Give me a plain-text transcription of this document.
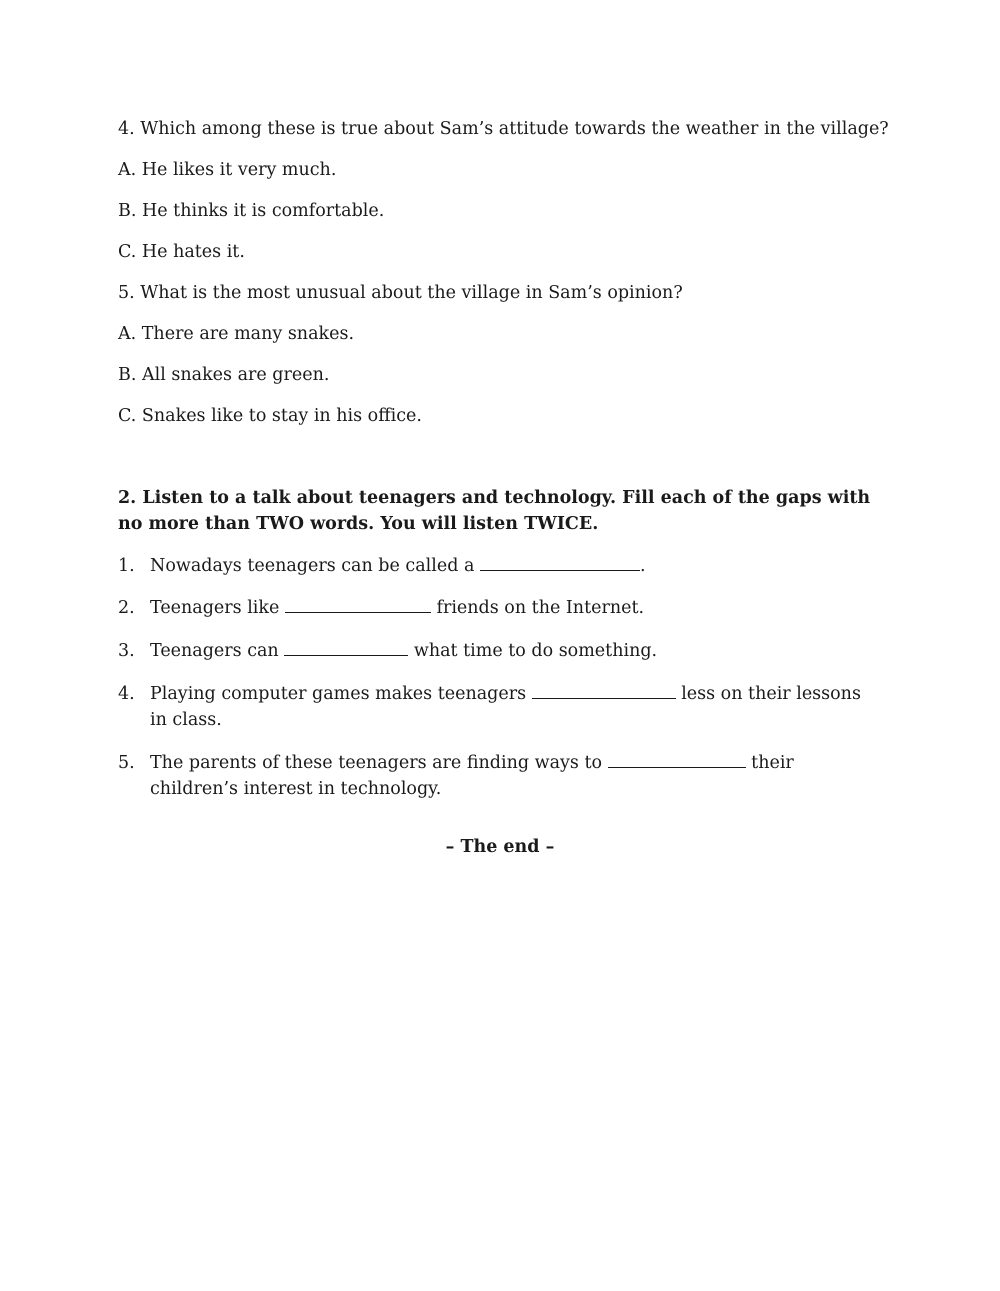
4. Which among these is true about Sam’s attitude towards the weather in the village?
A. He likes it very much.
B. He thinks it is comfortable.
C. He hates it.
5. What is the most unusual about the village in Sam’s opinion?
A. There are many snakes.
B. All snakes are green.
C. Snakes like to stay in his office.
2. Listen to a talk about teenagers and technology. Fill each of the gaps with no more than TWO words. You will listen TWICE.
1. Nowadays teenagers can be called a	.
2. Teenagers like	friends on the Internet.
3. Teenagers can	what time to do something.
4. Playing computer games makes teenagers	less on their lessons in class.
5. The parents of these teenagers are finding ways to	their children’s interest in technology.
– The end –
